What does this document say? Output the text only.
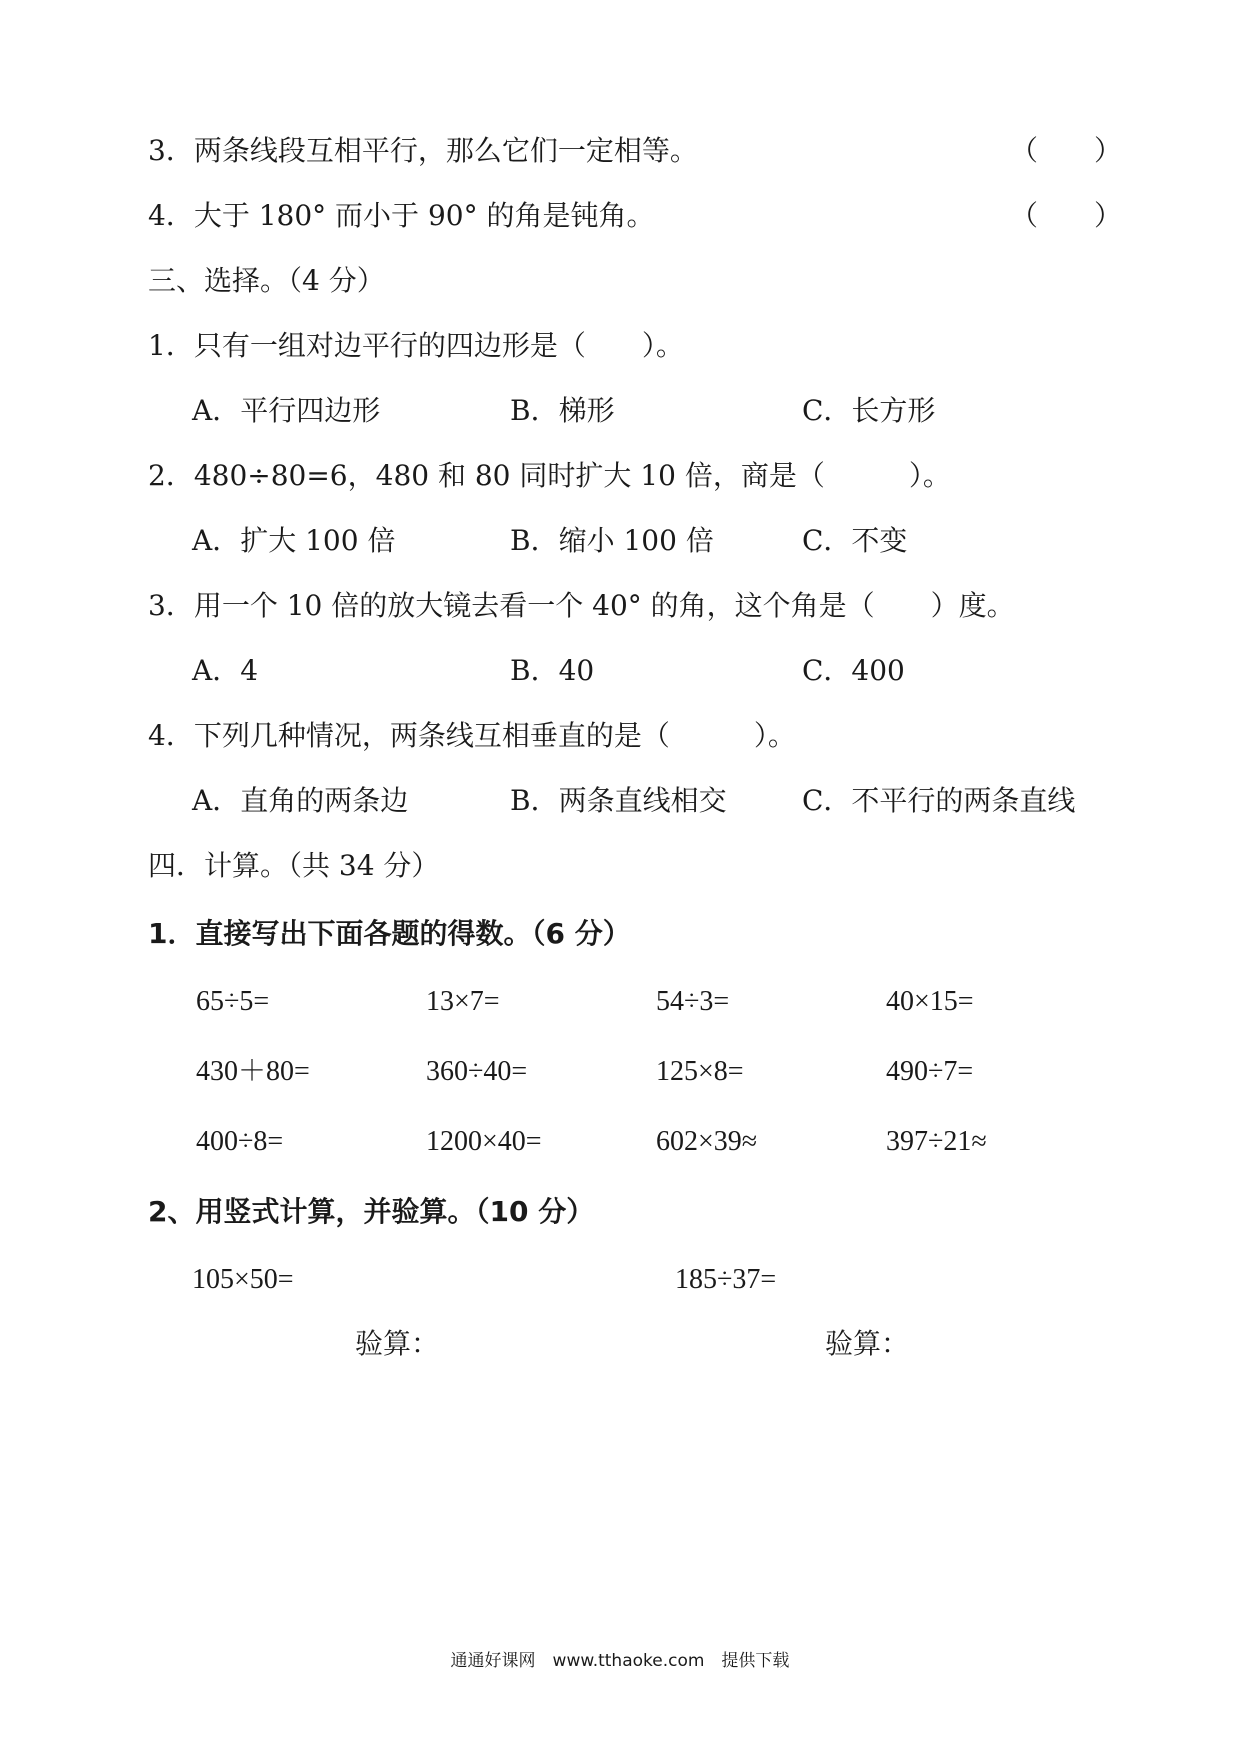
3．两条线段互相平行，那么它们一定相等。	（　　）
4．大于 180° 而小于 90° 的角是钝角。	（　　）
三、选择。（4 分）
1．只有一组对边平行的四边形是（　　）。
A．平行四边形	B．梯形	C．长方形
2．480÷80=6，480 和 80 同时扩大 10 倍，商是（　　　）。
A．扩大 100 倍	B．缩小 100 倍	C．不变
3．用一个 10 倍的放大镜去看一个 40° 的角，这个角是（　　）度。
A．4	B．40	C．400
4．下列几种情况，两条线互相垂直的是（　　　）。
A．直角的两条边	B．两条直线相交	C．不平行的两条直线
四．计算。（共 34 分）
1．直接写出下面各题的得数。（6 分）
65÷5=	13×7=	54÷3=	40×15=
430＋80=	360÷40=	125×8=	490÷7=
400÷8=	1200×40=	602×39≈	397÷21≈
2、用竖式计算，并验算。（10 分）
105×50=	185÷37=
验算：	验算：
通通好课网　www.tthaoke.com　提供下载
